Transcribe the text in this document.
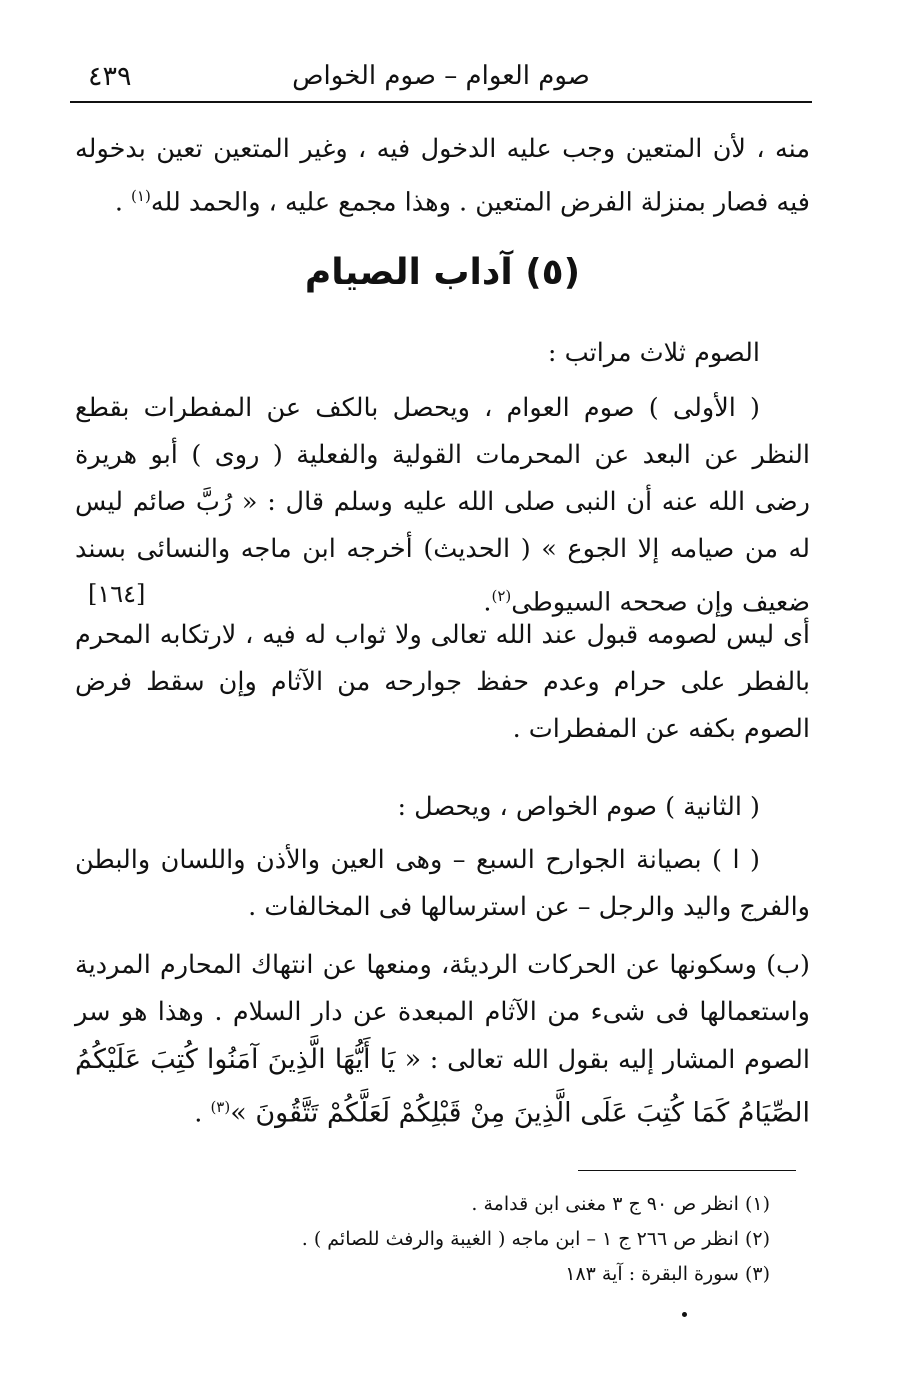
٤٣٩	صوم العوام – صوم الخواص

منه ، لأن المتعين وجب عليه الدخول فيه ، وغير المتعين تعين بدخوله فيه فصار بمنزلة الفرض المتعين . وهذا مجمع عليه ، والحمد لله$^{(١)}$ .

(٥) آداب الصيام

الصوم ثلاث مراتب :

( الأولى ) صوم العوام ، ويحصل بالكف عن المفطرات بقطع النظر عن البعد عن المحرمات القولية والفعلية ( روى ) أبو هريرة رضى الله عنه أن النبى صلى الله عليه وسلم قال : « رُبَّ صائم ليس له من صيامه إلا الجوع » ( الحديث) أخرجه ابن ماجه والنسائى بسند ضعيف وإن صححه السيوطى$^{(٢)}$.

[١٦٤]

أى ليس لصومه قبول عند الله تعالى ولا ثواب له فيه ، لارتكابه المحرم بالفطر على حرام وعدم حفظ جوارحه من الآثام وإن سقط فرض الصوم بكفه عن المفطرات .

( الثانية ) صوم الخواص ، ويحصل :

( ا ) بصيانة الجوارح السبع – وهى العين والأذن واللسان والبطن والفرج واليد والرجل – عن استرسالها فى المخالفات .

(ب) وسكونها عن الحركات الرديئة، ومنعها عن انتهاك المحارم المردية واستعمالها فى شىء من الآثام المبعدة عن دار السلام . وهذا هو سر الصوم المشار إليه بقول الله تعالى : « يَا أَيُّهَا الَّذِينَ آمَنُوا كُتِبَ عَلَيْكُمُ الصِّيَامُ كَمَا كُتِبَ عَلَى الَّذِينَ مِنْ قَبْلِكُمْ لَعَلَّكُمْ تَتَّقُونَ »$^{(٣)}$ .

(١) انظر ص ٩٠ ج ٣ مغنى ابن قدامة .
(٢) انظر ص ٢٦٦ ج ١ – ابن ماجه ( الغيبة والرفث للصائم ) .
(٣) سورة البقرة : آية ١٨٣
